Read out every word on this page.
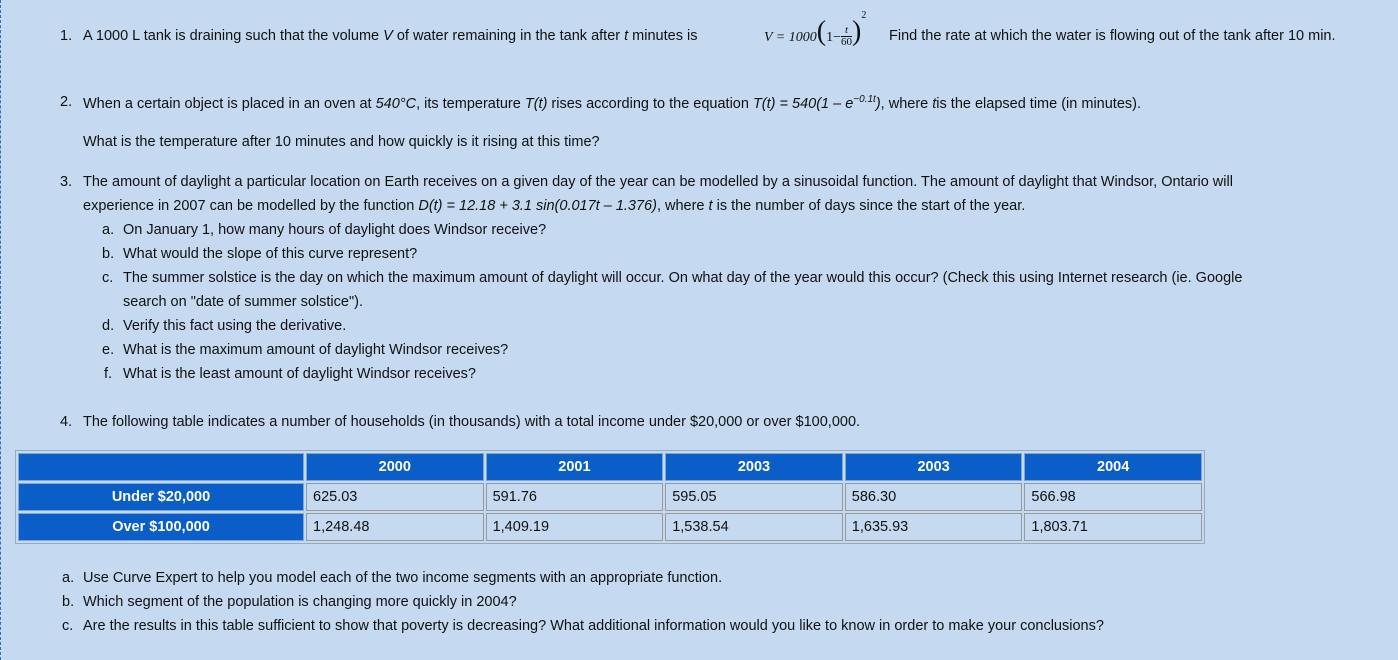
1. A 1000 L tank is draining such that the volume V of water remaining in the tank after t minutes is	$V = 1000(1- \frac{t}{60} )^2$
Find the rate at which the water is flowing out of the tank after 10 min.
2. When a certain object is placed in an oven at 540°C, its temperature T(t) rises according to the equation $T(t) = 540(1 - e^{-0.1t})$, where tis the elapsed time (in minutes).
What is the temperature after 10 minutes and how quickly is it rising at this time?
3. The amount of daylight a particular location on Earth receives on a given day of the year can be modelled by a sinusoidal function. The amount of daylight that Windsor, Ontario will
experience in 2007 can be modelled by the function D(t) = 12.18 + 3.1 sin(0.017t – 1.376), where t is the number of days since the start of the year.
a. On January 1, how many hours of daylight does Windsor receive?
b. What would the slope of this curve represent?
c. The summer solstice is the day on which the maximum amount of daylight will occur. On what day of the year would this occur? (Check this using Internet research (ie. Google
search on "date of summer solstice").
d. Verify this fact using the derivative.
e. What is the maximum amount of daylight Windsor receives?
f. What is the least amount of daylight Windsor receives?
4. The following table indicates a number of households (in thousands) with a total income under $20,000 or over $100,000.
	2000	2001	2003	2003	2004
Under $20,000	625.03	591.76	595.05	586.30	566.98
Over $100,000	1,248.48	1,409.19	1,538.54	1,635.93	1,803.71
a. Use Curve Expert to help you model each of the two income segments with an appropriate function.
b. Which segment of the population is changing more quickly in 2004?
c. Are the results in this table sufficient to show that poverty is decreasing? What additional information would you like to know in order to make your conclusions?
